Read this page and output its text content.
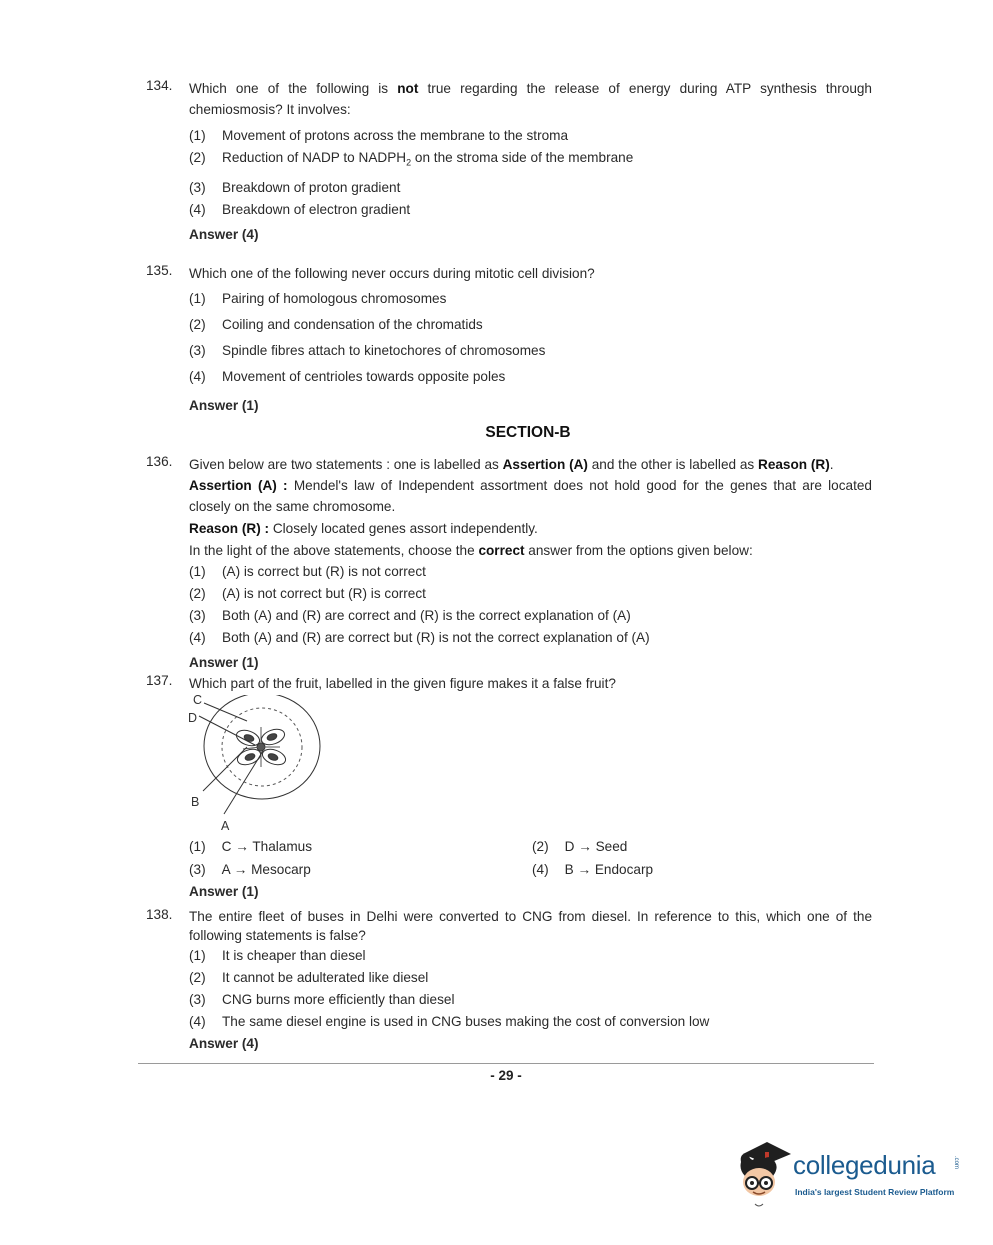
134. Which one of the following is not true regarding the release of energy during ATP synthesis through chemiosmosis? It involves:
(1) Movement of protons across the membrane to the stroma
(2) Reduction of NADP to $NADPH_2$ on the stroma side of the membrane
(3) Breakdown of proton gradient
(4) Breakdown of electron gradient
Answer (4)
135. Which one of the following never occurs during mitotic cell division?
(1) Pairing of homologous chromosomes
(2) Coiling and condensation of the chromatids
(3) Spindle fibres attach to kinetochores of chromosomes
(4) Movement of centrioles towards opposite poles
Answer (1)
SECTION-B
136. Given below are two statements : one is labelled as Assertion (A) and the other is labelled as Reason (R).
Assertion (A) : Mendel's law of Independent assortment does not hold good for the genes that are located closely on the same chromosome.
Reason (R) : Closely located genes assort independently.
In the light of the above statements, choose the correct answer from the options given below:
(1) (A) is correct but (R) is not correct
(2) (A) is not correct but (R) is correct
(3) Both (A) and (R) are correct and (R) is the correct explanation of (A)
(4) Both (A) and (R) are correct but (R) is not the correct explanation of (A)
Answer (1)
137. Which part of the fruit, labelled in the given figure makes it a false fruit?
C
D
B
A
(1) C → Thalamus	(2) D → Seed
(3) A → Mesocarp	(4) B → Endocarp
Answer (1)
138. The entire fleet of buses in Delhi were converted to CNG from diesel. In reference to this, which one of the following statements is false?
(1) It is cheaper than diesel
(2) It cannot be adulterated like diesel
(3) CNG burns more efficiently than diesel
(4) The same diesel engine is used in CNG buses making the cost of conversion low
Answer (4)
- 29 -
collegedunia	.com
India's largest Student Review Platform
